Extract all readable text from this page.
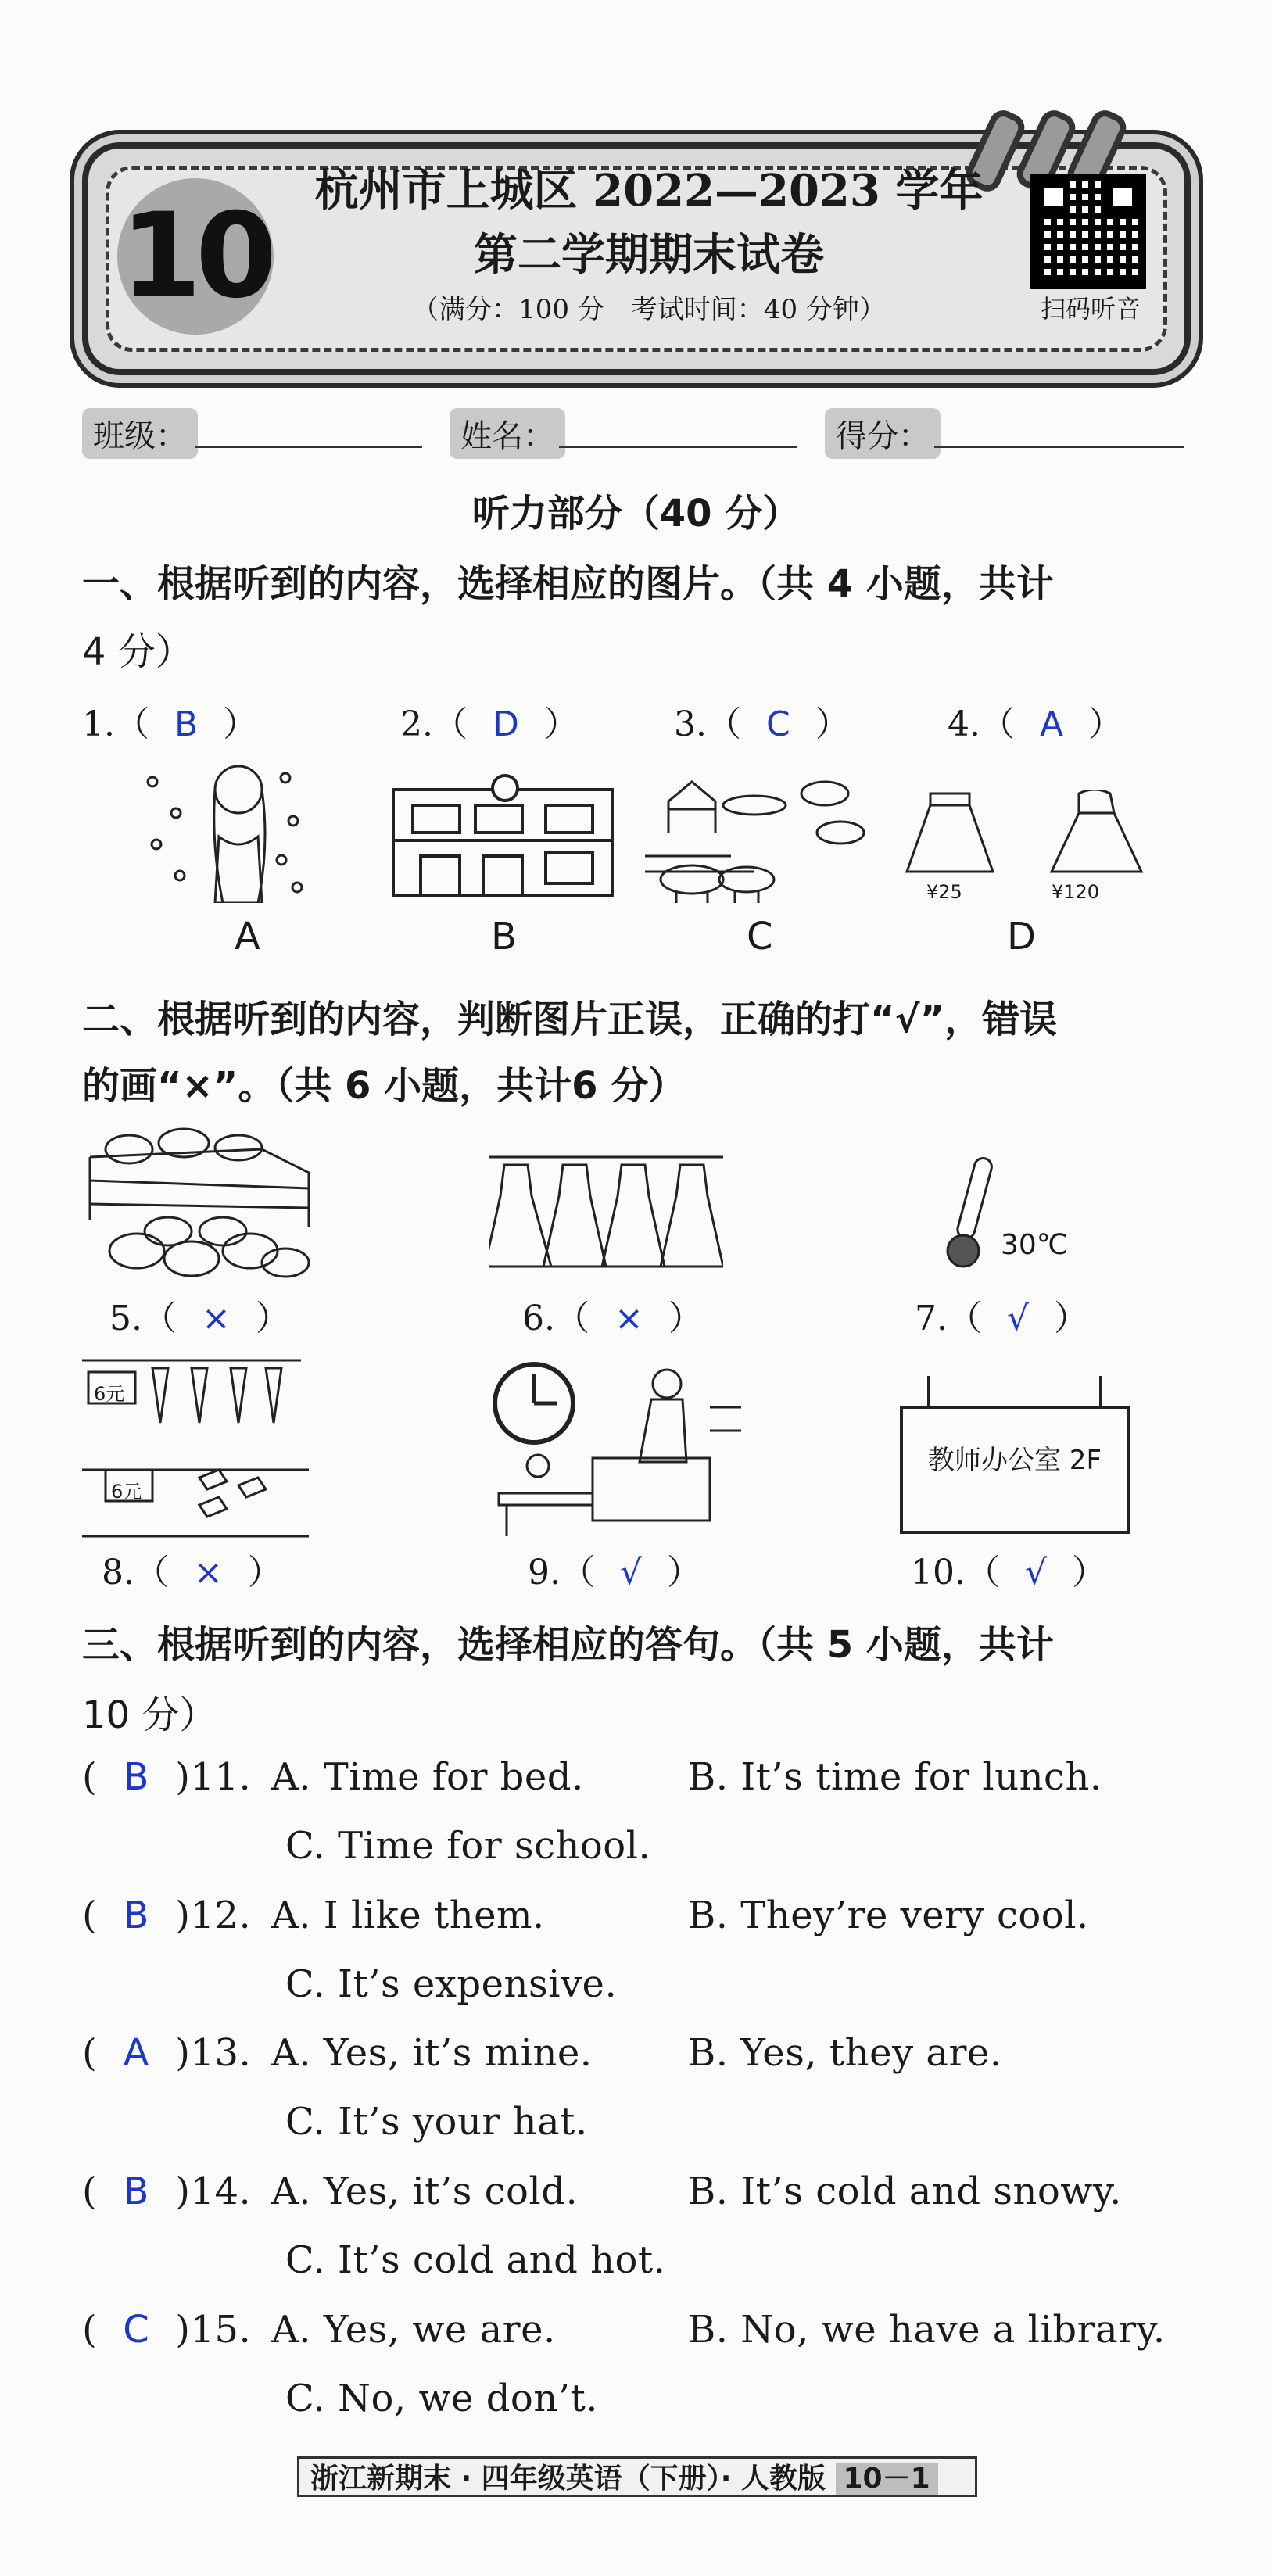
10 杭州市上城区 2022—2023 学年
第二学期期末试卷
（满分：100 分　考试时间：40 分钟）	扫码听音
班级：	姓名：	得分：
听力部分（40 分）
一、根据听到的内容，选择相应的图片。（共 4 小题，共计
4 分）
1.（ B ）	2.（ D ）	3.（ C ）	4.（ A ）
¥25	¥120
A	B	C	D
二、根据听到的内容，判断图片正误，正确的打“√”，错误
的画“×”。（共 6 小题，共计6 分）
30℃
5.（ × ）	6.（ × ）	7.（ √ ）
6元
6元
教师办公室 2F
8.（ × ）	9.（ √ ）	10.（ √ ）
三、根据听到的内容，选择相应的答句。（共 5 小题，共计
10 分）
( B )11. A. Time for bed.	B. It’s time for lunch.
C. Time for school.
( B )12. A. I like them.	B. They’re very cool.
C. It’s expensive.
( A )13. A. Yes, it’s mine.	B. Yes, they are.
C. It’s your hat.
( B )14. A. Yes, it’s cold.	B. It’s cold and snowy.
C. It’s cold and hot.
( C )15. A. Yes, we are.	B. No, we have a library.
C. No, we don’t.
浙江新期末 · 四年级英语（下册）· 人教版 10－1
